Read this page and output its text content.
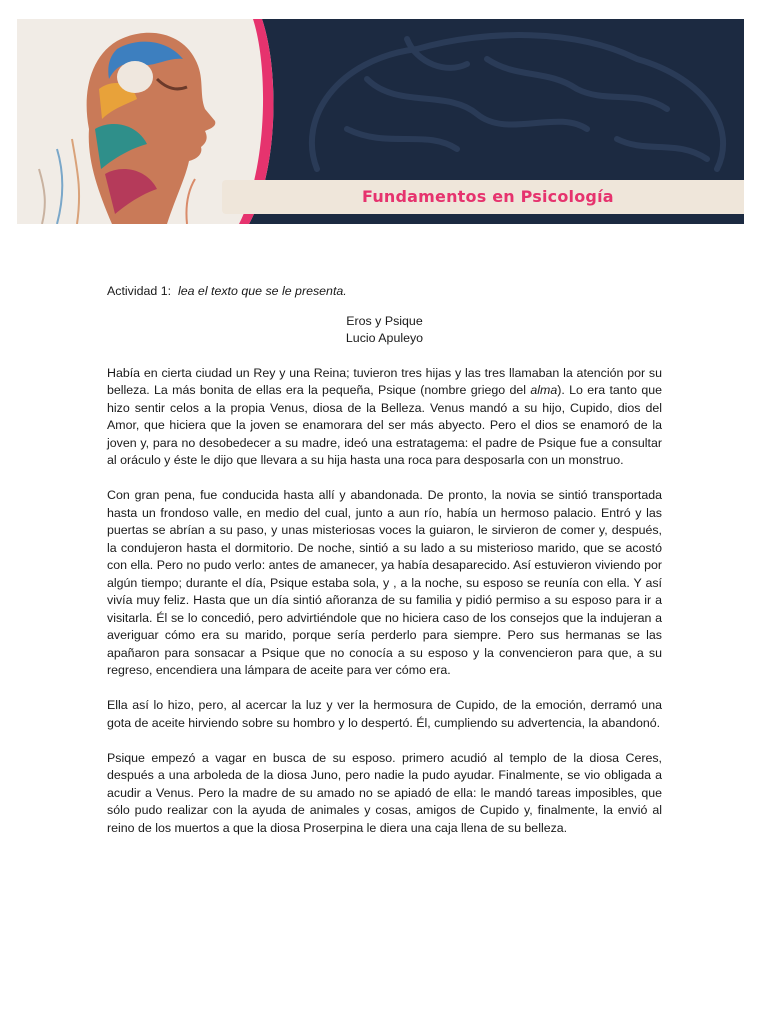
Fundamentos en Psicología

Actividad 1: lea el texto que se le presenta.

Eros y Psique
Lucio Apuleyo

Había en cierta ciudad un Rey y una Reina; tuvieron tres hijas y las tres llamaban la atención por su belleza. La más bonita de ellas era la pequeña, Psique (nombre griego del alma). Lo era tanto que hizo sentir celos a la propia Venus, diosa de la Belleza. Venus mandó a su hijo, Cupido, dios del Amor, que hiciera que la joven se enamorara del ser más abyecto. Pero el dios se enamoró de la joven y, para no desobedecer a su madre, ideó una estratagema: el padre de Psique fue a consultar al oráculo y éste le dijo que llevara a su hija hasta una roca para desposarla con un monstruo.

Con gran pena, fue conducida hasta allí y abandonada. De pronto, la novia se sintió transportada hasta un frondoso valle, en medio del cual, junto a aun río, había un hermoso palacio. Entró y las puertas se abrían a su paso, y unas misteriosas voces la guiaron, le sirvieron de comer y, después, la condujeron hasta el dormitorio. De noche, sintió a su lado a su misterioso marido, que se acostó con ella. Pero no pudo verlo: antes de amanecer, ya había desaparecido. Así estuvieron viviendo por algún tiempo; durante el día, Psique estaba sola, y , a la noche, su esposo se reunía con ella. Y así vivía muy feliz. Hasta que un día sintió añoranza de su familia y pidió permiso a su esposo para ir a visitarla. Él se lo concedió, pero advirtiéndole que no hiciera caso de los consejos que la indujeran a averiguar cómo era su marido, porque sería perderlo para siempre. Pero sus hermanas se las apañaron para sonsacar a Psique que no conocía a su esposo y la convencieron para que, a su regreso, encendiera una lámpara de aceite para ver cómo era.

Ella así lo hizo, pero, al acercar la luz y ver la hermosura de Cupido, de la emoción, derramó una gota de aceite hirviendo sobre su hombro y lo despertó. Él, cumpliendo su advertencia, la abandonó.

Psique empezó a vagar en busca de su esposo. primero acudió al templo de la diosa Ceres, después a una arboleda de la diosa Juno, pero nadie la pudo ayudar. Finalmente, se vio obligada a acudir a Venus. Pero la madre de su amado no se apiadó de ella: le mandó tareas imposibles, que sólo pudo realizar con la ayuda de animales y cosas, amigos de Cupido y, finalmente, la envió al reino de los muertos a que la diosa Proserpina le diera una caja llena de su belleza.
